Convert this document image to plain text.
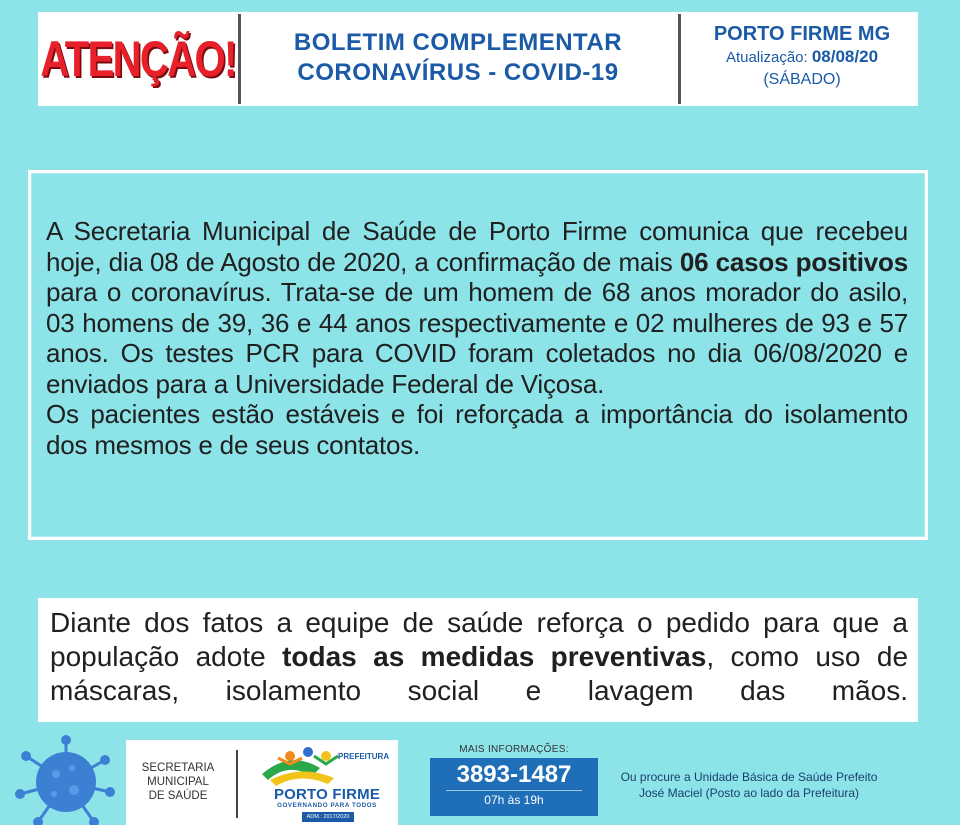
ATENÇÃO!	BOLETIM COMPLEMENTAR
CORONAVÍRUS - COVID-19
PORTO FIRME MG
Atualização: 08/08/20
(SÁBADO)

A Secretaria Municipal de Saúde de Porto Firme comunica que recebeu hoje, dia 08 de Agosto de 2020, a confirmação de mais 06 casos positivos para o coronavírus. Trata-se de um homem de 68 anos morador do asilo, 03 homens de 39, 36 e 44 anos respectivamente e 02 mulheres de 93 e 57 anos. Os testes PCR para COVID foram coletados no dia 06/08/2020 e enviados para a Universidade Federal de Viçosa.

Os pacientes estão estáveis e foi reforçada a importância do isolamento dos mesmos e de seus contatos.

Diante dos fatos a equipe de saúde reforça o pedido para que a população adote todas as medidas preventivas, como uso de máscaras, isolamento social e lavagem das mãos.
SECRETARIA
MUNICIPAL
DE SAÚDE
PREFEITURA
PORTO FIRME
GOVERNANDO PARA TODOS
ADM.: 2017/2020
MAIS INFORMAÇÕES:
3893-1487
07h às 19h
Ou procure a Unidade Básica de Saúde Prefeito
José Maciel (Posto ao lado da Prefeitura)
